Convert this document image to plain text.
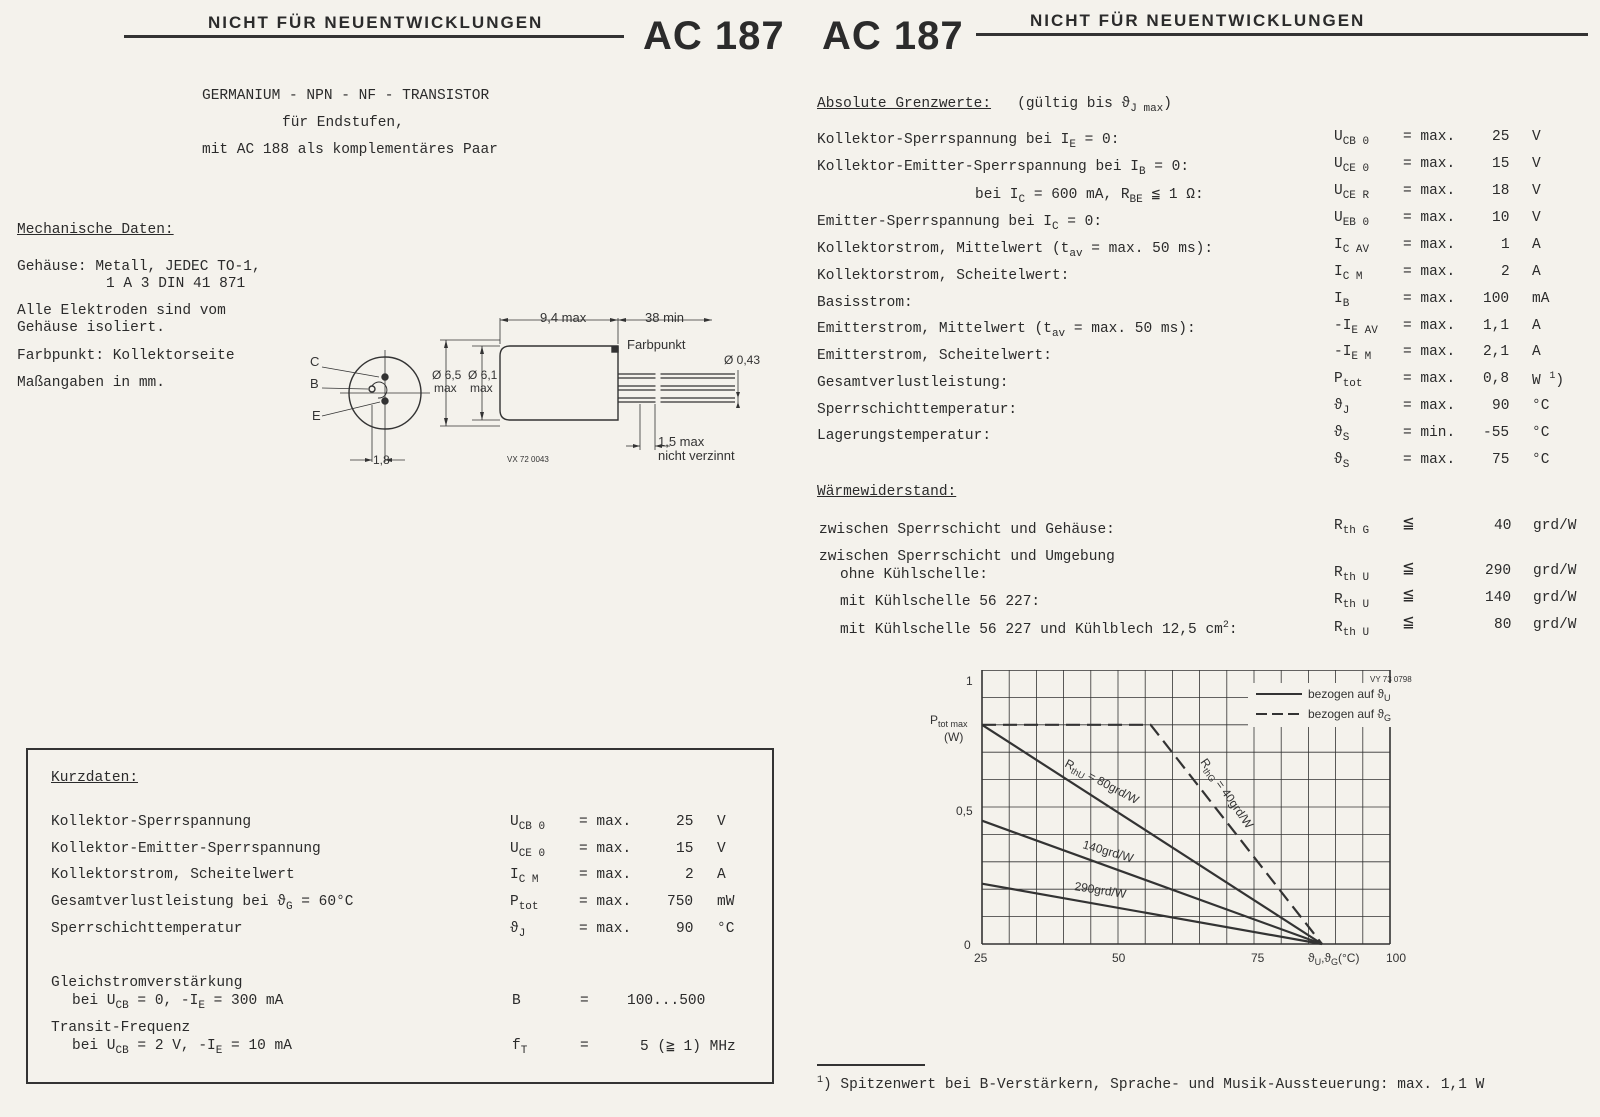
NICHT FÜR NEUENTWICKLUNGEN AC 187 AC 187	NICHT FÜR NEUENTWICKLUNGEN
GERMANIUM - NPN - NF - TRANSISTOR
für Endstufen,
mit AC 188 als komplementäres Paar
Mechanische Daten:
Gehäuse: Metall, JEDEC TO-1,
1 A 3 DIN 41 871
Alle Elektroden sind vom
Gehäuse isoliert.
Farbpunkt: Kollektorseite
Maßangaben in mm.
C
B
E
9,4 max	38 min
Farbpunkt
Ø 6,5
max
Ø 6,1
max
Ø 0,43
1,8
1,5 max
nicht verzinnt
VX 72 0043
Kurzdaten:
Kollektor-Sperrspannung	$U_{CB 0} = \max$.	25 V
Kollektor-Emitter-Sperrspannung	$U_{CE 0} = \max$.	15 V
Kollektorstrom, Scheitelwert	$I_{C M}$	= max.	2 A
Gesamtverlustleistung bei $ϑ_G = 60^\circ C$	$P_{tot}$	= max. 750 mW
Sperrschichttemperatur	$ϑ_J$	= max.	90 °C
Gleichstromverstärkung
bei $U_{CB} = 0$, $-I_E = 300$ mA	B	=	100...500
Transit-Frequenz
bei $U_{CB} = 2$ V, $-I_E = 10$ mA	$f_T$	=	5 (≧ 1) MHz
Absolute Grenzwerte: (gültig bis $ϑ_{J max}$)
Kollektor-Sperrspannung bei $I_E = 0$:	$U_{CB 0} = \max$.	25 V
Kollektor-Emitter-Sperrspannung bei $I_B = 0$:	$U_{CE 0} = \max$.	15 V
bei $I_C = 600$ mA, $R_{BE}$ ≦ 1 Ω:	$U_{CE R} = \max$.	18 V
Emitter-Sperrspannung bei $I_C = 0$:	$U_{EB 0} = \max$.	10 V
Kollektorstrom, Mittelwert ($t_{av} = \max$. 50 ms):	$I_{C AV} = \max$.	1 A
Kollektorstrom, Scheitelwert:	$I_{C M}$	= max.	2 A
Basisstrom:	$I_B$	= max. 100 mA
Emitterstrom, Mittelwert ($t_{av} = \max$. 50 ms):	$-I_{E AV} = \max$. 1,1 A
Emitterstrom, Scheitelwert:	$-I_{E M} = \max$. 2,1 A
Gesamtverlustleistung:	$P_{tot}$	= max. 0,8 W $^1$)
Sperrschichttemperatur:	$ϑ_J$	= max.	90 °C
Lagerungstemperatur:	$ϑ_S$	= min. -55 °C
$ϑ_S$	= max.	75 °C
Wärmewiderstand:
zwischen Sperrschicht und Gehäuse:	$R_{th G}$ ≦	40 grd/W
zwischen Sperrschicht und Umgebung
ohne Kühlschelle:	$R_{th U}$ ≦	290 grd/W
mit Kühlschelle 56 227:	$R_{th U}$ ≦	140 grd/W
mit Kühlschelle 56 227 und Kühlblech 12,5 $cm^2$:	$R_{th U}$ ≦	80 grd/W
VY 73 0798
bezogen auf $ϑ_U$
bezogen auf $ϑ_G$
$P_{tot max}$
(W)
0
0,5
1
25	50	75	100
$ϑ_U,ϑ_G(^\circ C)$
$R_{thU} = 80grd/W$
140grd/W
290grd/W
$R_{thG} = 40grd/W$
$^1$) Spitzenwert bei B-Verstärkern, Sprache- und Musik-Aussteuerung: max. 1,1 W
